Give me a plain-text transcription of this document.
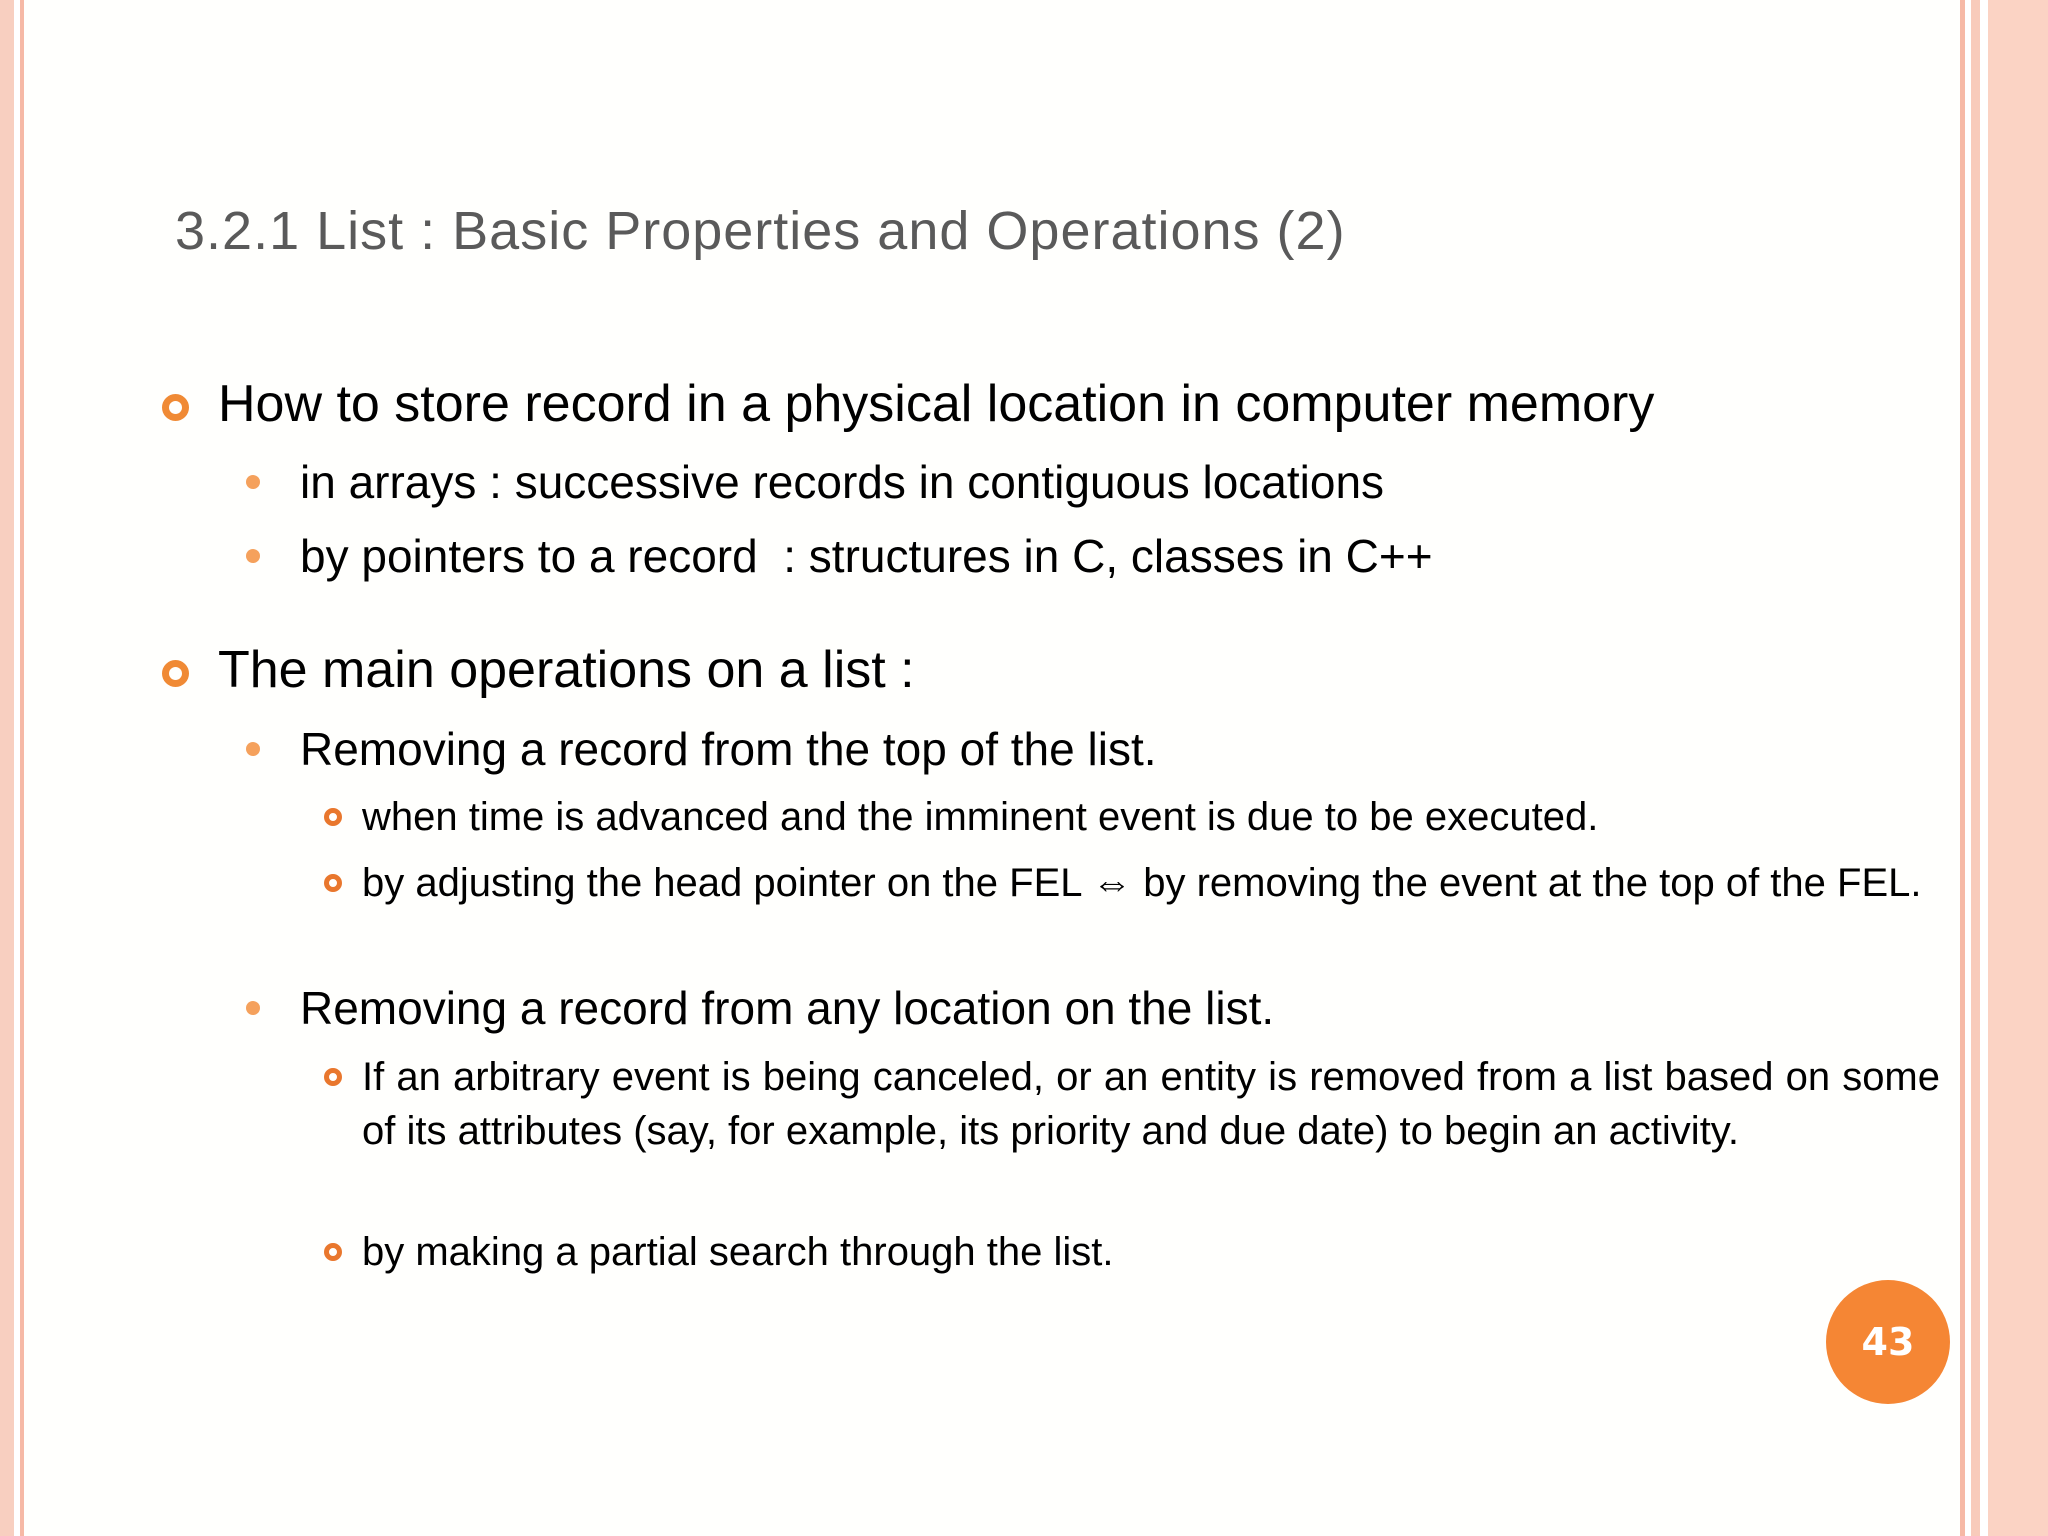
3.2.1 List : Basic Properties and Operations (2)
How to store record in a physical location in computer memory
in arrays : successive records in contiguous locations
by pointers to a record  : structures in C, classes in C++
The main operations on a list :
Removing a record from the top of the list.
when time is advanced and the imminent event is due to be executed.
by adjusting the head pointer on the FEL ⇔ by removing the event at the top of the FEL.
Removing a record from any location on the list.
If an arbitrary event is being canceled, or an entity is removed from a list based on some of its attributes (say, for example, its priority and due date) to begin an activity.
by making a partial search through the list.
43
